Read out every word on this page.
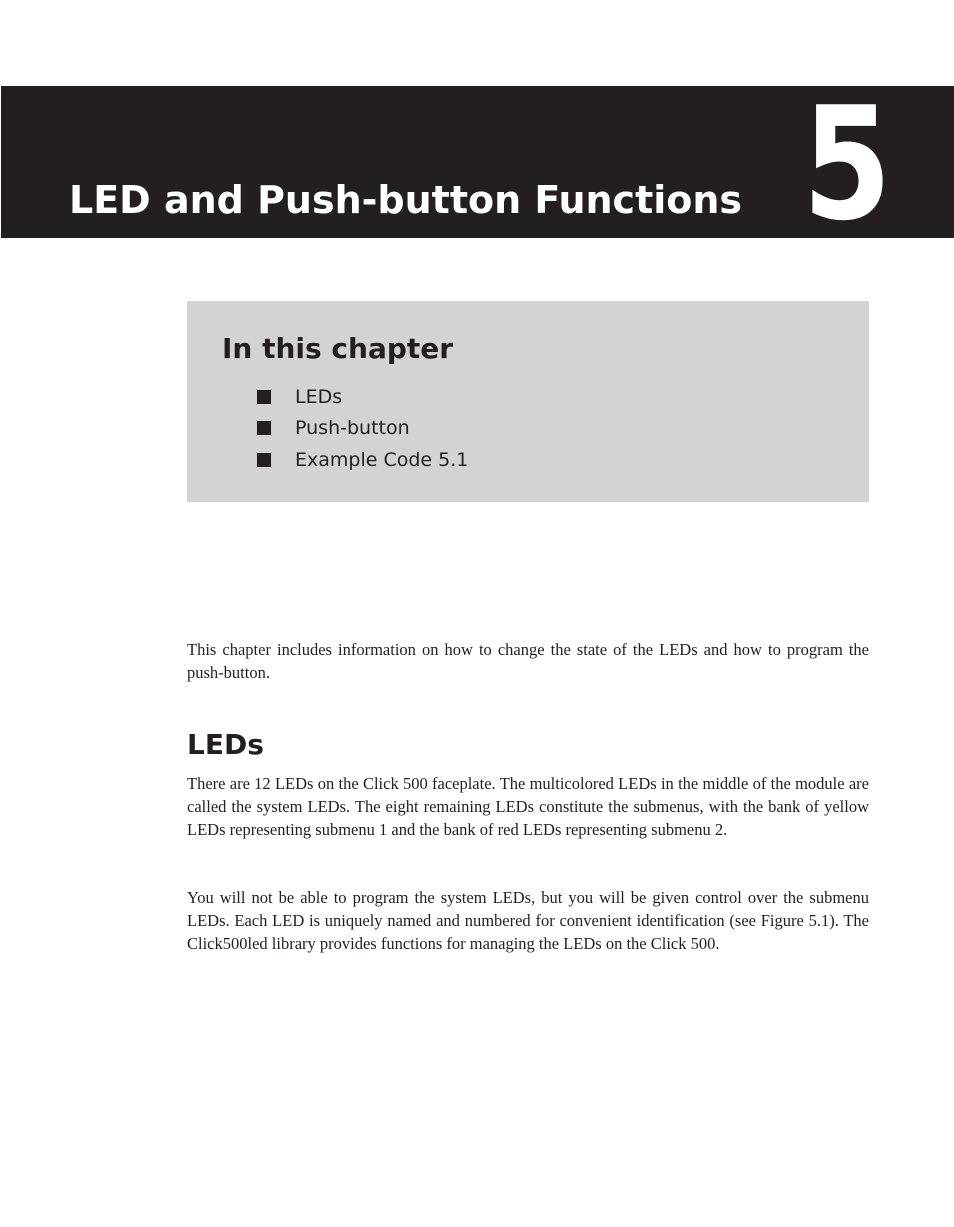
LED and Push-button Functions 5
In this chapter
LEDs
Push-button
Example Code 5.1

This chapter includes information on how to change the state of the LEDs and how to program the push-button.

LEDs

There are 12 LEDs on the Click 500 faceplate. The multicolored LEDs in the middle of the module are called the system LEDs. The eight remaining LEDs constitute the submenus, with the bank of yellow LEDs representing submenu 1 and the bank of red LEDs representing submenu 2.

You will not be able to program the system LEDs, but you will be given control over the submenu LEDs. Each LED is uniquely named and numbered for convenient identification (see Figure 5.1). The Click500led library provides functions for managing the LEDs on the Click 500.
